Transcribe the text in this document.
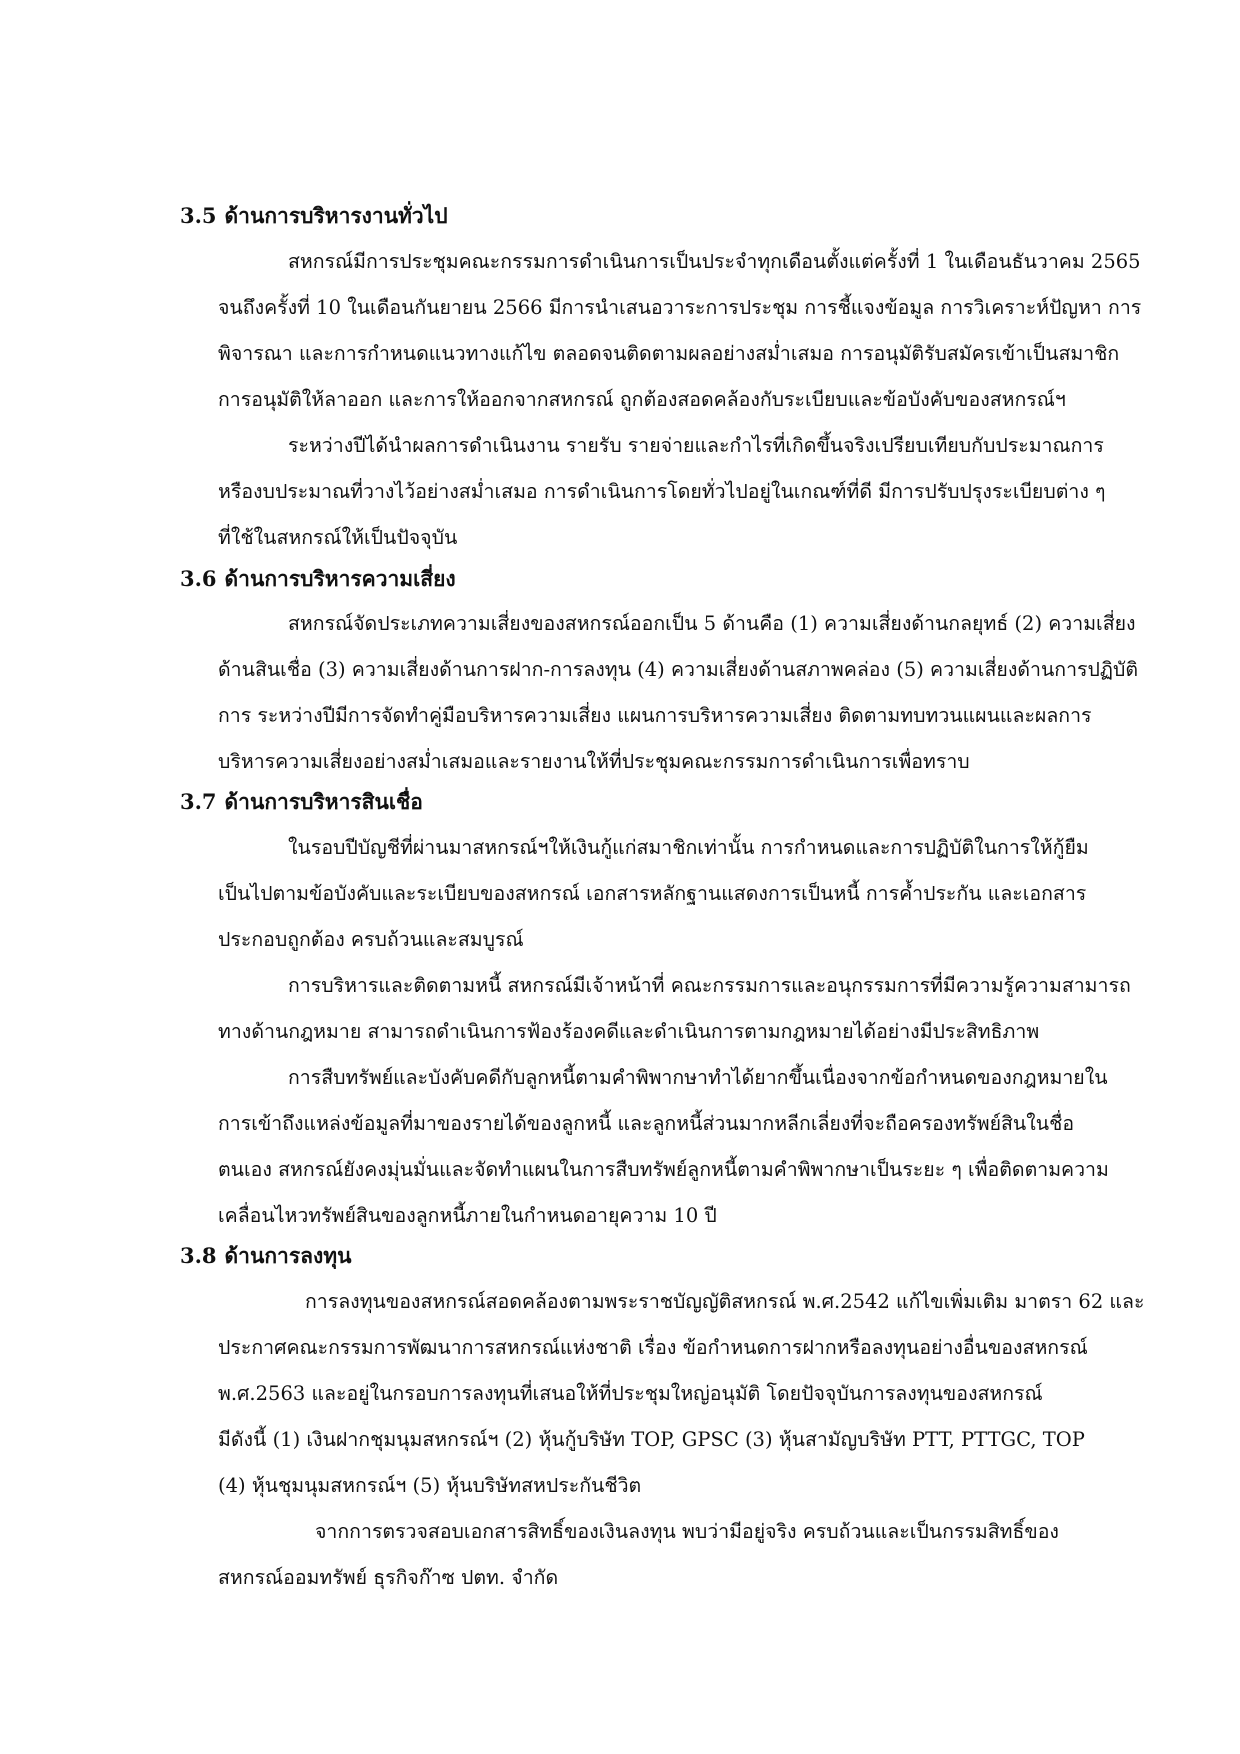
3.5 ด้านการบริหารงานทั่วไป
สหกรณ์มีการประชุมคณะกรรมการดำเนินการเป็นประจำทุกเดือนตั้งแต่ครั้งที่ 1 ในเดือนธันวาคม 2565
จนถึงครั้งที่ 10 ในเดือนกันยายน 2566 มีการนำเสนอวาระการประชุม การชี้แจงข้อมูล การวิเคราะห์ปัญหา การ
พิจารณา และการกำหนดแนวทางแก้ไข ตลอดจนติดตามผลอย่างสม่ำเสมอ การอนุมัติรับสมัครเข้าเป็นสมาชิก
การอนุมัติให้ลาออก และการให้ออกจากสหกรณ์ ถูกต้องสอดคล้องกับระเบียบและข้อบังคับของสหกรณ์ฯ
ระหว่างปีได้นำผลการดำเนินงาน รายรับ รายจ่ายและกำไรที่เกิดขึ้นจริงเปรียบเทียบกับประมาณการ
หรืองบประมาณที่วางไว้อย่างสม่ำเสมอ การดำเนินการโดยทั่วไปอยู่ในเกณฑ์ที่ดี มีการปรับปรุงระเบียบต่าง ๆ
ที่ใช้ในสหกรณ์ให้เป็นปัจจุบัน
3.6 ด้านการบริหารความเสี่ยง
สหกรณ์จัดประเภทความเสี่ยงของสหกรณ์ออกเป็น 5 ด้านคือ (1) ความเสี่ยงด้านกลยุทธ์ (2) ความเสี่ยง
ด้านสินเชื่อ (3) ความเสี่ยงด้านการฝาก-การลงทุน (4) ความเสี่ยงด้านสภาพคล่อง (5) ความเสี่ยงด้านการปฏิบัติ
การ ระหว่างปีมีการจัดทำคู่มือบริหารความเสี่ยง แผนการบริหารความเสี่ยง ติดตามทบทวนแผนและผลการ
บริหารความเสี่ยงอย่างสม่ำเสมอและรายงานให้ที่ประชุมคณะกรรมการดำเนินการเพื่อทราบ
3.7 ด้านการบริหารสินเชื่อ
ในรอบปีบัญชีที่ผ่านมาสหกรณ์ฯให้เงินกู้แก่สมาชิกเท่านั้น การกำหนดและการปฏิบัติในการให้กู้ยืม
เป็นไปตามข้อบังคับและระเบียบของสหกรณ์ เอกสารหลักฐานแสดงการเป็นหนี้ การค้ำประกัน และเอกสาร
ประกอบถูกต้อง ครบถ้วนและสมบูรณ์
การบริหารและติดตามหนี้ สหกรณ์มีเจ้าหน้าที่ คณะกรรมการและอนุกรรมการที่มีความรู้ความสามารถ
ทางด้านกฎหมาย สามารถดำเนินการฟ้องร้องคดีและดำเนินการตามกฎหมายได้อย่างมีประสิทธิภาพ
การสืบทรัพย์และบังคับคดีกับลูกหนี้ตามคำพิพากษาทำได้ยากขึ้นเนื่องจากข้อกำหนดของกฎหมายใน
การเข้าถึงแหล่งข้อมูลที่มาของรายได้ของลูกหนี้ และลูกหนี้ส่วนมากหลีกเลี่ยงที่จะถือครองทรัพย์สินในชื่อ
ตนเอง สหกรณ์ยังคงมุ่นมั่นและจัดทำแผนในการสืบทรัพย์ลูกหนี้ตามคำพิพากษาเป็นระยะ ๆ เพื่อติดตามความ
เคลื่อนไหวทรัพย์สินของลูกหนี้ภายในกำหนดอายุความ 10 ปี
3.8 ด้านการลงทุน
การลงทุนของสหกรณ์สอดคล้องตามพระราชบัญญัติสหกรณ์ พ.ศ.2542 แก้ไขเพิ่มเติม มาตรา 62 และ
ประกาศคณะกรรมการพัฒนาการสหกรณ์แห่งชาติ เรื่อง ข้อกำหนดการฝากหรือลงทุนอย่างอื่นของสหกรณ์
พ.ศ.2563 และอยู่ในกรอบการลงทุนที่เสนอให้ที่ประชุมใหญ่อนุมัติ โดยปัจจุบันการลงทุนของสหกรณ์
มีดังนี้ (1) เงินฝากชุมนุมสหกรณ์ฯ (2) หุ้นกู้บริษัท TOP, GPSC (3) หุ้นสามัญบริษัท PTT, PTTGC, TOP
(4) หุ้นชุมนุมสหกรณ์ฯ (5) หุ้นบริษัทสหประกันชีวิต
จากการตรวจสอบเอกสารสิทธิ์ของเงินลงทุน พบว่ามีอยู่จริง ครบถ้วนและเป็นกรรมสิทธิ์ของ
สหกรณ์ออมทรัพย์ ธุรกิจก๊าซ ปตท. จำกัด
